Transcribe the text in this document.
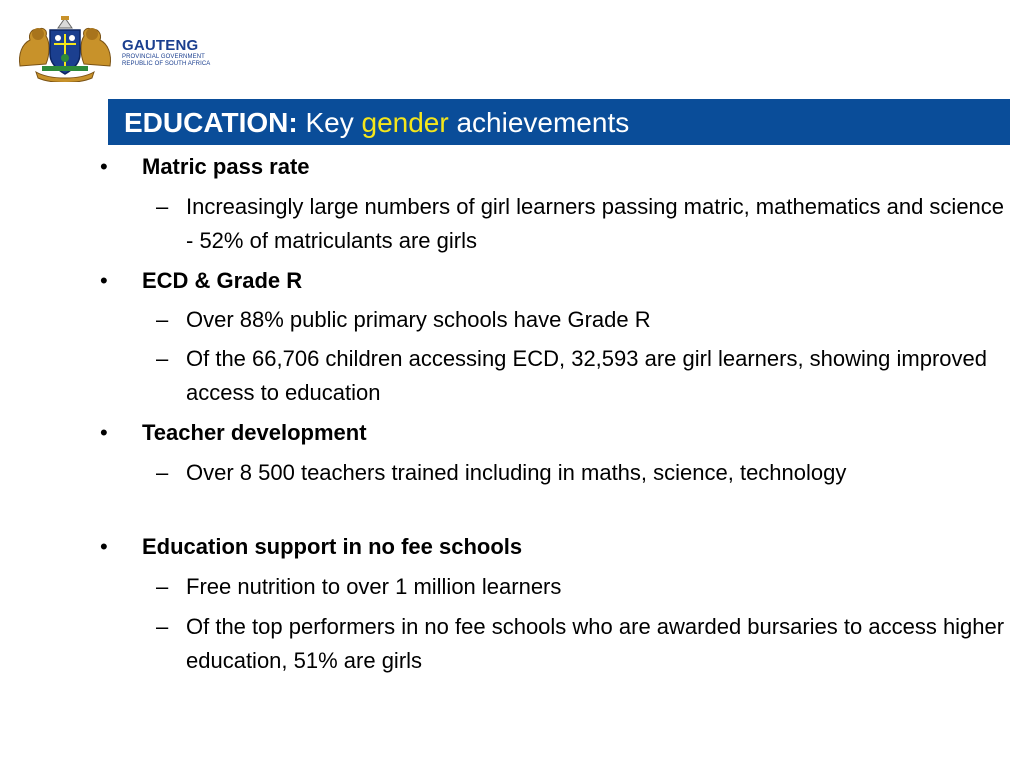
GAUTENG
PROVINCIAL GOVERNMENT
REPUBLIC OF SOUTH AFRICA
EDUCATION: Key gender achievements
• Matric pass rate
– Increasingly large numbers of girl learners passing matric, mathematics and science - 52% of matriculants are girls
• ECD & Grade R
– Over 88% public primary schools have Grade R
– Of the 66,706 children accessing ECD, 32,593 are girl learners, showing improved access to education
• Teacher development
– Over 8 500 teachers trained including in maths, science, technology
• Education support in no fee schools
– Free nutrition to over 1 million learners
– Of the top performers in no fee schools who are awarded bursaries to access higher education, 51% are girls
